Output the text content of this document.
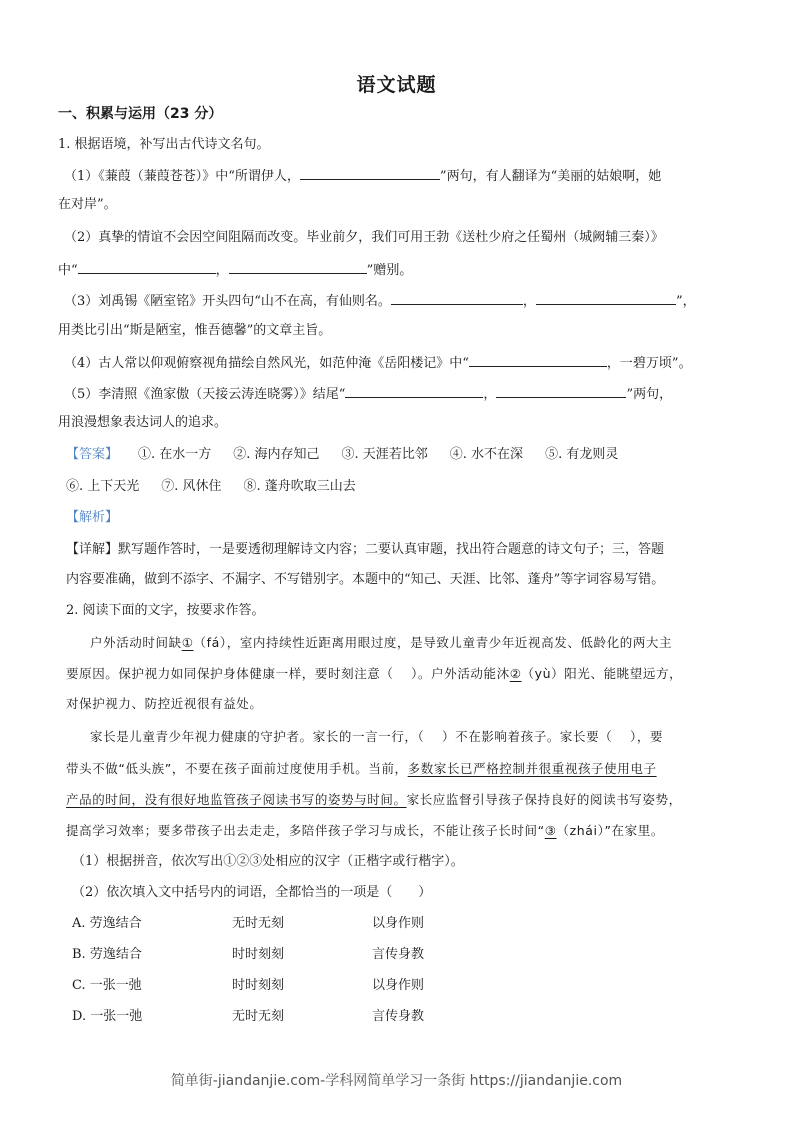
语文试题
一、积累与运用（23 分）
1. 根据语境，补写出古代诗文名句。
（1）《蒹葭（蒹葭苍苍）》中“所谓伊人，	”两句，有人翻译为“美丽的姑娘啊，她
在对岸”。
（2）真挚的情谊不会因空间阻隔而改变。毕业前夕，我们可用王勃《送杜少府之任蜀州（城阙辅三秦）》
中“	，	”赠别。
（3）刘禹锡《陋室铭》开头四句“山不在高，有仙则名。	，	”，
用类比引出“斯是陋室，惟吾德馨”的文章主旨。
（4）古人常以仰观俯察视角描绘自然风光，如范仲淹《岳阳楼记》中“	，一碧万顷”。
（5）李清照《渔家傲（天接云涛连晓雾）》结尾“	，	”两句，
用浪漫想象表达词人的追求。
【答案】 ①. 在水一方 ②. 海内存知己 ③. 天涯若比邻 ④. 水不在深 ⑤. 有龙则灵
⑥. 上下天光 ⑦. 风休住 ⑧. 蓬舟吹取三山去
【解析】
【详解】默写题作答时，一是要透彻理解诗文内容；二要认真审题，找出符合题意的诗文句子；三，答题
内容要准确，做到不添字、不漏字、不写错别字。本题中的“知己、天涯、比邻、蓬舟”等字词容易写错。
2. 阅读下面的文字，按要求作答。
户外活动时间缺①（fá），室内持续性近距离用眼过度，是导致儿童青少年近视高发、低龄化的两大主
要原因。保护视力如同保护身体健康一样，要时刻注意（　 ）。户外活动能沐②（yù）阳光、能眺望远方，
对保护视力、防控近视很有益处。
家长是儿童青少年视力健康的守护者。家长的一言一行，（　 ）不在影响着孩子。家长要（　 ），要
带头不做“低头族”，不要在孩子面前过度使用手机。当前，多数家长已严格控制并很重视孩子使用电子
产品的时间，没有很好地监管孩子阅读书写的姿势与时间。家长应监督引导孩子保持良好的阅读书写姿势，
提高学习效率；要多带孩子出去走走，多陪伴孩子学习与成长，不能让孩子长时间“③（zhái）”在家里。
（1）根据拼音，依次写出①②③处相应的汉字（正楷字或行楷字）。
（2）依次填入文中括号内的词语，全都恰当的一项是（　　）
A. 劳逸结合	无时无刻	以身作则
B. 劳逸结合	时时刻刻	言传身教
C. 一张一弛	时时刻刻	以身作则
D. 一张一弛	无时无刻	言传身教
简单街-jiandanjie.com-学科网简单学习一条街 https://jiandanjie.com
